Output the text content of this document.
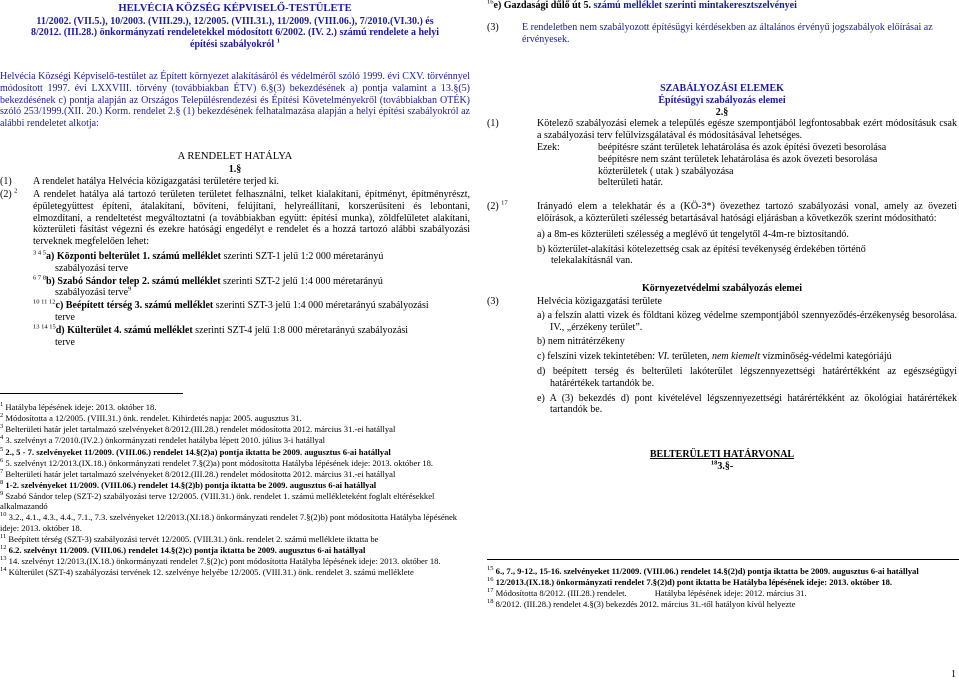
HELVÉCIA KÖZSÉG KÉPVISELŐ-TESTÜLETE
11/2002. (VII.5.), 10/2003. (VIII.29.), 12/2005. (VIII.31.), 11/2009. (VIII.06.), 7/2010.(VI.30.) és
8/2012. (III.28.) önkormányzati rendeletekkel módosított 6/2002. (IV. 2.) számú rendelete a helyi
építési szabályokról $^1$
$^{16}$e) Gazdasági dűlő út 5. számú melléklet szerinti mintakeresztszelvényei
(3) E rendeletben nem szabályozott építésügyi kérdésekben az általános érvényű jogszabályok előírásai az érvényesek.
Helvécia Községi Képviselő-testület az Épített környezet alakításáról és védelméről szóló 1999. évi CXV. törvénnyel módosított 1997. évi LXXVIII. törvény (továbbiakban ÉTV) 6.§(3) bekezdésének a) pontja valamint a 13.§(5) bekezdésének c) pontja alapján az Országos Településrendezési és Építési Követelményekről (továbbiakban OTÉK) szóló 253/1999.(XII. 20.) Korm. rendelet 2.§ (1) bekezdésének felhatalmazása alapján a helyi építési szabályokról az alábbi rendeletet alkotja:
A RENDELET HATÁLYA
1.§
(1) A rendelet hatálya Helvécia közigazgatási területére terjed ki.
(2) $^2$ A rendelet hatálya alá tartozó területen területet felhasználni, telket kialakítani, építményt, építményrészt, épületegyüttest építeni, átalakítani, bővíteni, felújítani, helyreállítani, korszerűsíteni és lebontani, elmozdítani, a rendeltetést megváltoztatni (a továbbiakban együtt: építési munka), zöldfelületet alakítani, közterületi fásítást végezni és ezekre hatósági engedélyt e rendelet és a hozzá tartozó alábbi szabályozási terveknek megfelelően lehet:
$^{3 4 5}$a) Központi belterület 1. számú melléklet szerinti SZT-1 jelű 1:2 000 méretarányú
szabályozási terve
$^{6 7 8}$b) Szabó Sándor telep 2. számú melléklet szerinti SZT-2 jelű 1:4 000 méretarányú
szabályozási terve$^9$
$^{10 11 12}$c) Beépített térség 3. számú melléklet szerinti SZT-3 jelű 1:4 000 méretarányú szabályozási
terve
$^{13 14 15}$d) Külterület 4. számú melléklet szerinti SZT-4 jelű 1:8 000 méretarányú szabályozási
terve
$^1$ Hatályba lépésének ideje: 2013. október 18.
$^2$ Módosította a 12/2005. (VIII.31.) önk. rendelet. Kihirdetés napja: 2005. augusztus 31.
$^3$ Belterületi határ jelet tartalmazó szelvényeket 8/2012.(III.28.) rendelet módosította 2012. március 31.-ei hatállyal
$^4$ 3. szelvényt a 7/2010.(IV.2.) önkormányzati rendelet hatályba lépett 2010. július 3-i hatállyal
$^5$ 2., 5 - 7. szelvényeket 11/2009. (VIII.06.) rendelet 14.§(2)a) pontja iktatta be 2009. augusztus 6-ai hatállyal
$^6$ 5. szelvényt 12/2013.(IX.18.) önkormányzati rendelet 7.§(2)a) pont módosította Hatályba lépésének ideje: 2013. október 18.
$^7$ Belterületi határ jelet tartalmazó szelvényeket 8/2012.(III.28.) rendelet módosította 2012. március 31.-ei hatállyal
$^8$ 1-2. szelvényeket 11/2009. (VIII.06.) rendelet 14.§(2)b) pontja iktatta be 2009. augusztus 6-ai hatállyal
$^9$ Szabó Sándor telep (SZT-2) szabályozási terve 12/2005. (VIII.31.) önk. rendelet 1. számú mellékleteként foglalt eltérésekkel alkalmazandó
$^{10}$ 3.2., 4.1., 4.3., 4.4., 7.1., 7.3. szelvényeket 12/2013.(XI.18.) önkormányzati rendelet 7.§(2)b) pont módosította Hatályba lépésének ideje: 2013. október 18.
$^{11}$ Beépített térség (SZT-3) szabályozási tervét 12/2005. (VIII.31.) önk. rendelet 2. számú melléklete iktatta be
$^{12}$ 6.2. szelvényt 11/2009. (VIII.06.) rendelet 14.§(2)c) pontja iktatta be 2009. augusztus 6-ai hatállyal
$^{13}$ 14. szelvényt 12/2013.(IX.18.) önkormányzati rendelet 7.§(2)c) pont módosította Hatályba lépésének ideje: 2013. október 18.
$^{14}$ Külterület (SZT-4) szabályozási tervének 12. szelvénye helyébe 12/2005. (VIII.31.) önk. rendelet 3. számú melléklete
SZABÁLYOZÁSI ELEMEK
Építésügyi szabályozás elemei
2.§
(1)	Kötelező szabályozási elemek a település egésze szempontjából legfontosabbak ezért módosításuk csak a szabályozási terv felülvizsgálatával és módosításával lehetséges.
Ezek:	beépítésre szánt területek lehatárolása és azok építési övezeti besorolása
beépítésre nem szánt területek lehatárolása és azok övezeti besorolása
közterületek ( utak ) szabályozása
belterületi határ.
(2) $^{17}$	Irányadó elem a telekhatár és a (KÖ-3*) övezethez tartozó szabályozási vonal, amely az övezeti előírások, a közterületi szélesség betartásával hatósági eljárásban a következők szerint módosítható:
a) a 8m-es közterületi szélesség a meglévő út tengelytől 4-4m-re biztosítandó.
b) közterület-alakítási kötelezettség csak az építési tevékenység érdekében történő
telekalakításnál van.
Környezetvédelmi szabályozás elemei
(3)	Helvécia közigazgatási területe
a) a felszín alatti vizek és földtani közeg védelme szempontjából szennyeződés-érzékenység besorolása. IV., „érzékeny terület”.
b) nem nitrátérzékeny
c) felszíni vizek tekintetében: VI. területen, nem kiemelt vízminőség-védelmi kategóriájú
d) beépített terség és belterületi lakóterület légszennyezettségi határértékként az egészségügyi határértékek tartandók be.
e) A (3) bekezdés d) pont kivételével légszennyezettségi határértékként az ökológiai határértékek tartandók be.
BELTERÜLETI HATÁRVONAL
$^{18}$3.§-
$^{15}$ 6., 7., 9-12., 15-16. szelvényeket 11/2009. (VIII.06.) rendelet 14.§(2)d) pontja iktatta be 2009. augusztus 6-ai hatállyal
$^{16}$ 12/2013.(IX.18.) önkormányzati rendelet 7.§(2)d) pont iktatta be Hatályba lépésének ideje: 2013. október 18.
$^{17}$ Módosította 8/2012. (III.28.) rendelet.	Hatályba lépésének ideje: 2012. március 31.
$^{18}$ 8/2012. (III.28.) rendelet 4.§(3) bekezdés 2012. március 31.-től hatályon kívül helyezte
1
